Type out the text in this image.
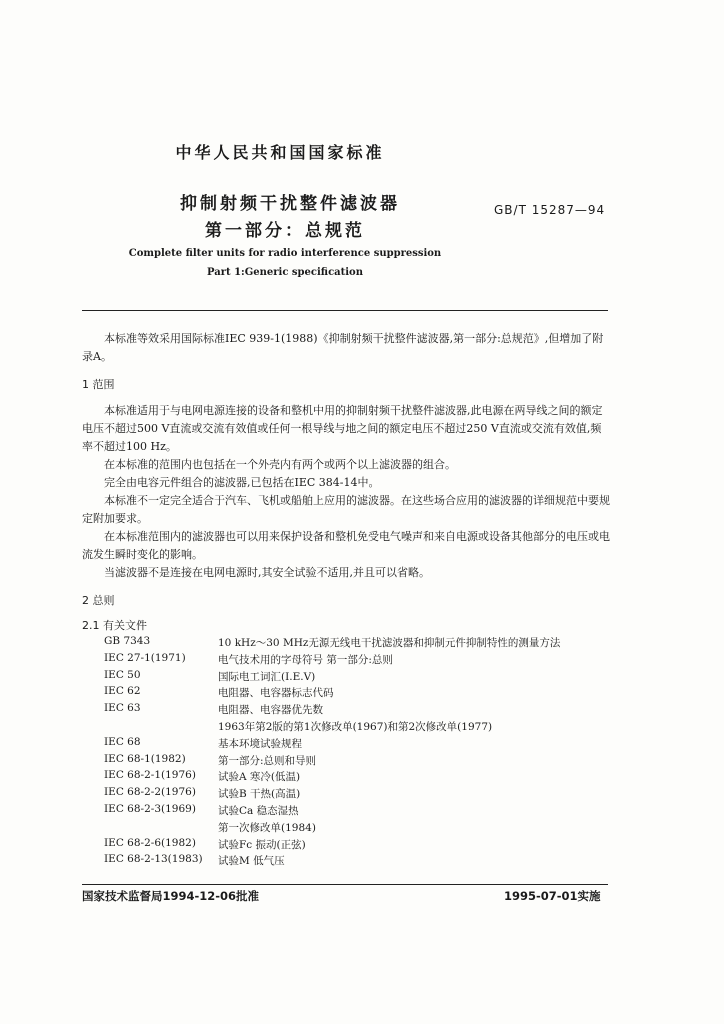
中华人民共和国国家标准
抑制射频干扰整件滤波器
第一部分：总规范
GB/T 15287—94
Complete filter units for radio interference suppression
Part 1:Generic specification

本标准等效采用国际标准IEC 939-1(1988)《抑制射频干扰整件滤波器,第一部分:总规范》,但增加了附录A。

1 范围

本标准适用于与电网电源连接的设备和整机中用的抑制射频干扰整件滤波器,此电源在两导线之间的额定电压不超过500 V直流或交流有效值或任何一根导线与地之间的额定电压不超过250 V直流或交流有效值,频率不超过100 Hz。

在本标准的范围内也包括在一个外壳内有两个或两个以上滤波器的组合。

完全由电容元件组合的滤波器,已包括在IEC 384-14中。

本标准不一定完全适合于汽车、飞机或船舶上应用的滤波器。在这些场合应用的滤波器的详细规范中要规定附加要求。

在本标准范围内的滤波器也可以用来保护设备和整机免受电气噪声和来自电源或设备其他部分的电压或电流发生瞬时变化的影响。

当滤波器不是连接在电网电源时,其安全试验不适用,并且可以省略。

2 总则
2.1 有关文件
GB 7343	10 kHz～30 MHz无源无线电干扰滤波器和抑制元件抑制特性的测量方法
IEC 27-1(1971)	电气技术用的字母符号 第一部分:总则
IEC 50	国际电工词汇(I.E.V)
IEC 62	电阻器、电容器标志代码
IEC 63	电阻器、电容器优先数
1963年第2版的第1次修改单(1967)和第2次修改单(1977)
IEC 68	基本环境试验规程
IEC 68-1(1982)	第一部分:总则和导则
IEC 68-2-1(1976) 试验A 寒冷(低温)
IEC 68-2-2(1976) 试验B 干热(高温)
IEC 68-2-3(1969) 试验Ca 稳态湿热
第一次修改单(1984)
IEC 68-2-6(1982) 试验Fc 振动(正弦)
IEC 68-2-13(1983) 试验M 低气压
国家技术监督局1994-12-06批准	1995-07-01实施
